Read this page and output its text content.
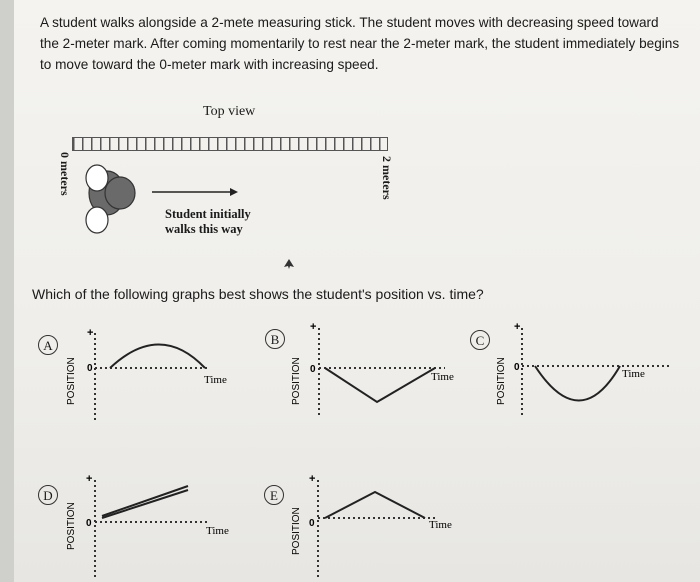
A student walks alongside a 2-mete measuring stick. The student moves with decreasing speed toward the 2-meter mark. After coming momentarily to rest near the 2-meter mark, the student immediately begins to move toward the 0-meter mark with increasing speed.
Top view
0 meters	2 meters
Student initially
walks this way
Which of the following graphs best shows the student's position vs. time?
A
POSITION
+
0
Time
B
POSITION
+
0
Time
C
POSITION
+
0
Time
D
POSITION
+
0
Time
E
POSITION
+
0	Time
